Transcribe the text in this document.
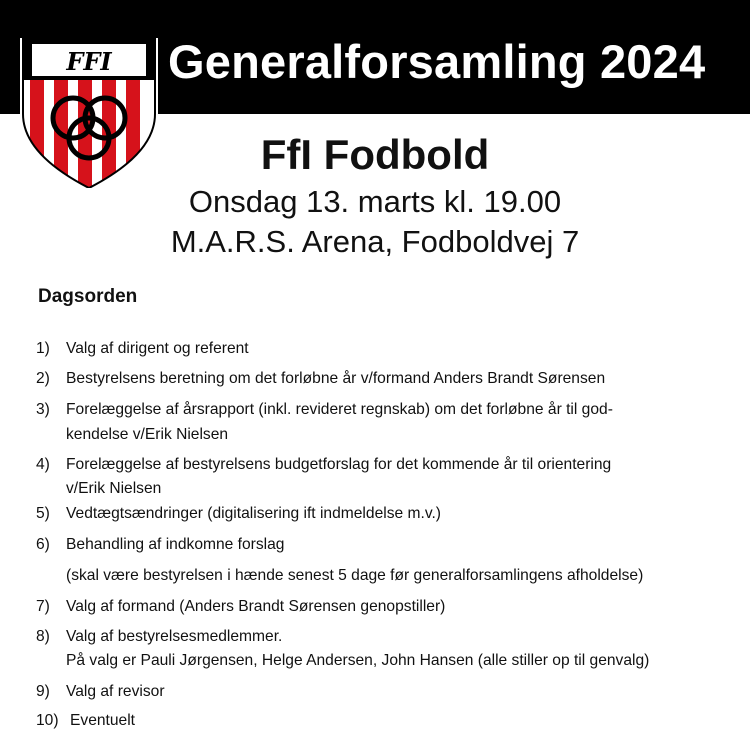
Generalforsamling 2024
FFI
FfI Fodbold
Onsdag 13. marts kl. 19.00
M.A.R.S. Arena, Fodboldvej 7
Dagsorden
1) Valg af dirigent og referent
2) Bestyrelsens beretning om det forløbne år v/formand Anders Brandt Sørensen
3) Forelæggelse af årsrapport (inkl. revideret regnskab) om det forløbne år til god-
kendelse v/Erik Nielsen
4) Forelæggelse af bestyrelsens budgetforslag for det kommende år til orientering
v/Erik Nielsen
5) Vedtægtsændringer (digitalisering ift indmeldelse m.v.)
6) Behandling af indkomne forslag
(skal være bestyrelsen i hænde senest 5 dage før generalforsamlingens afholdelse)
7) Valg af formand (Anders Brandt Sørensen genopstiller)
8) Valg af bestyrelsesmedlemmer.
På valg er Pauli Jørgensen, Helge Andersen, John Hansen (alle stiller op til genvalg)
9) Valg af revisor
10) Eventuelt
